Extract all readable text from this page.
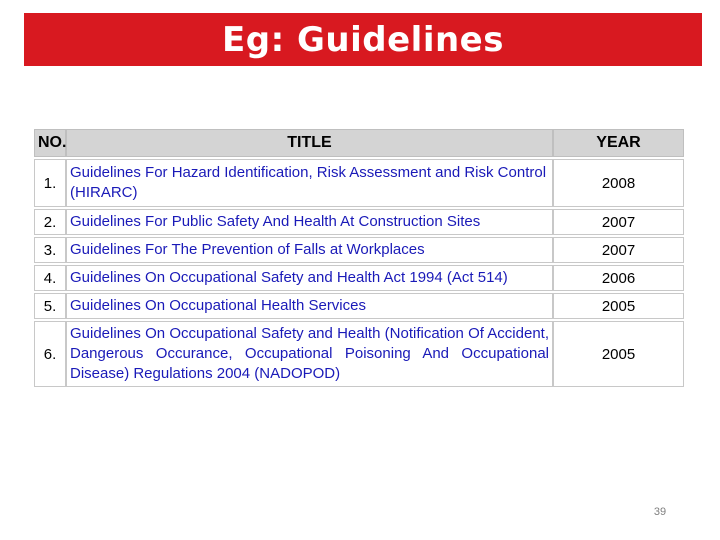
Eg: Guidelines
NO.	TITLE	YEAR
1.	Guidelines For Hazard Identification, Risk Assessment and Risk Control (HIRARC)	2008
2.	Guidelines For Public Safety And Health At Construction Sites	2007
3.	Guidelines For The Prevention of Falls at Workplaces	2007
4.	Guidelines On Occupational Safety and Health Act 1994 (Act 514)	2006
5.	Guidelines On Occupational Health Services	2005
6.	Guidelines On Occupational Safety and Health (Notification Of Accident, Dangerous Occurance, Occupational Poisoning And Occupational Disease) Regulations 2004 (NADOPOD)	2005
39
